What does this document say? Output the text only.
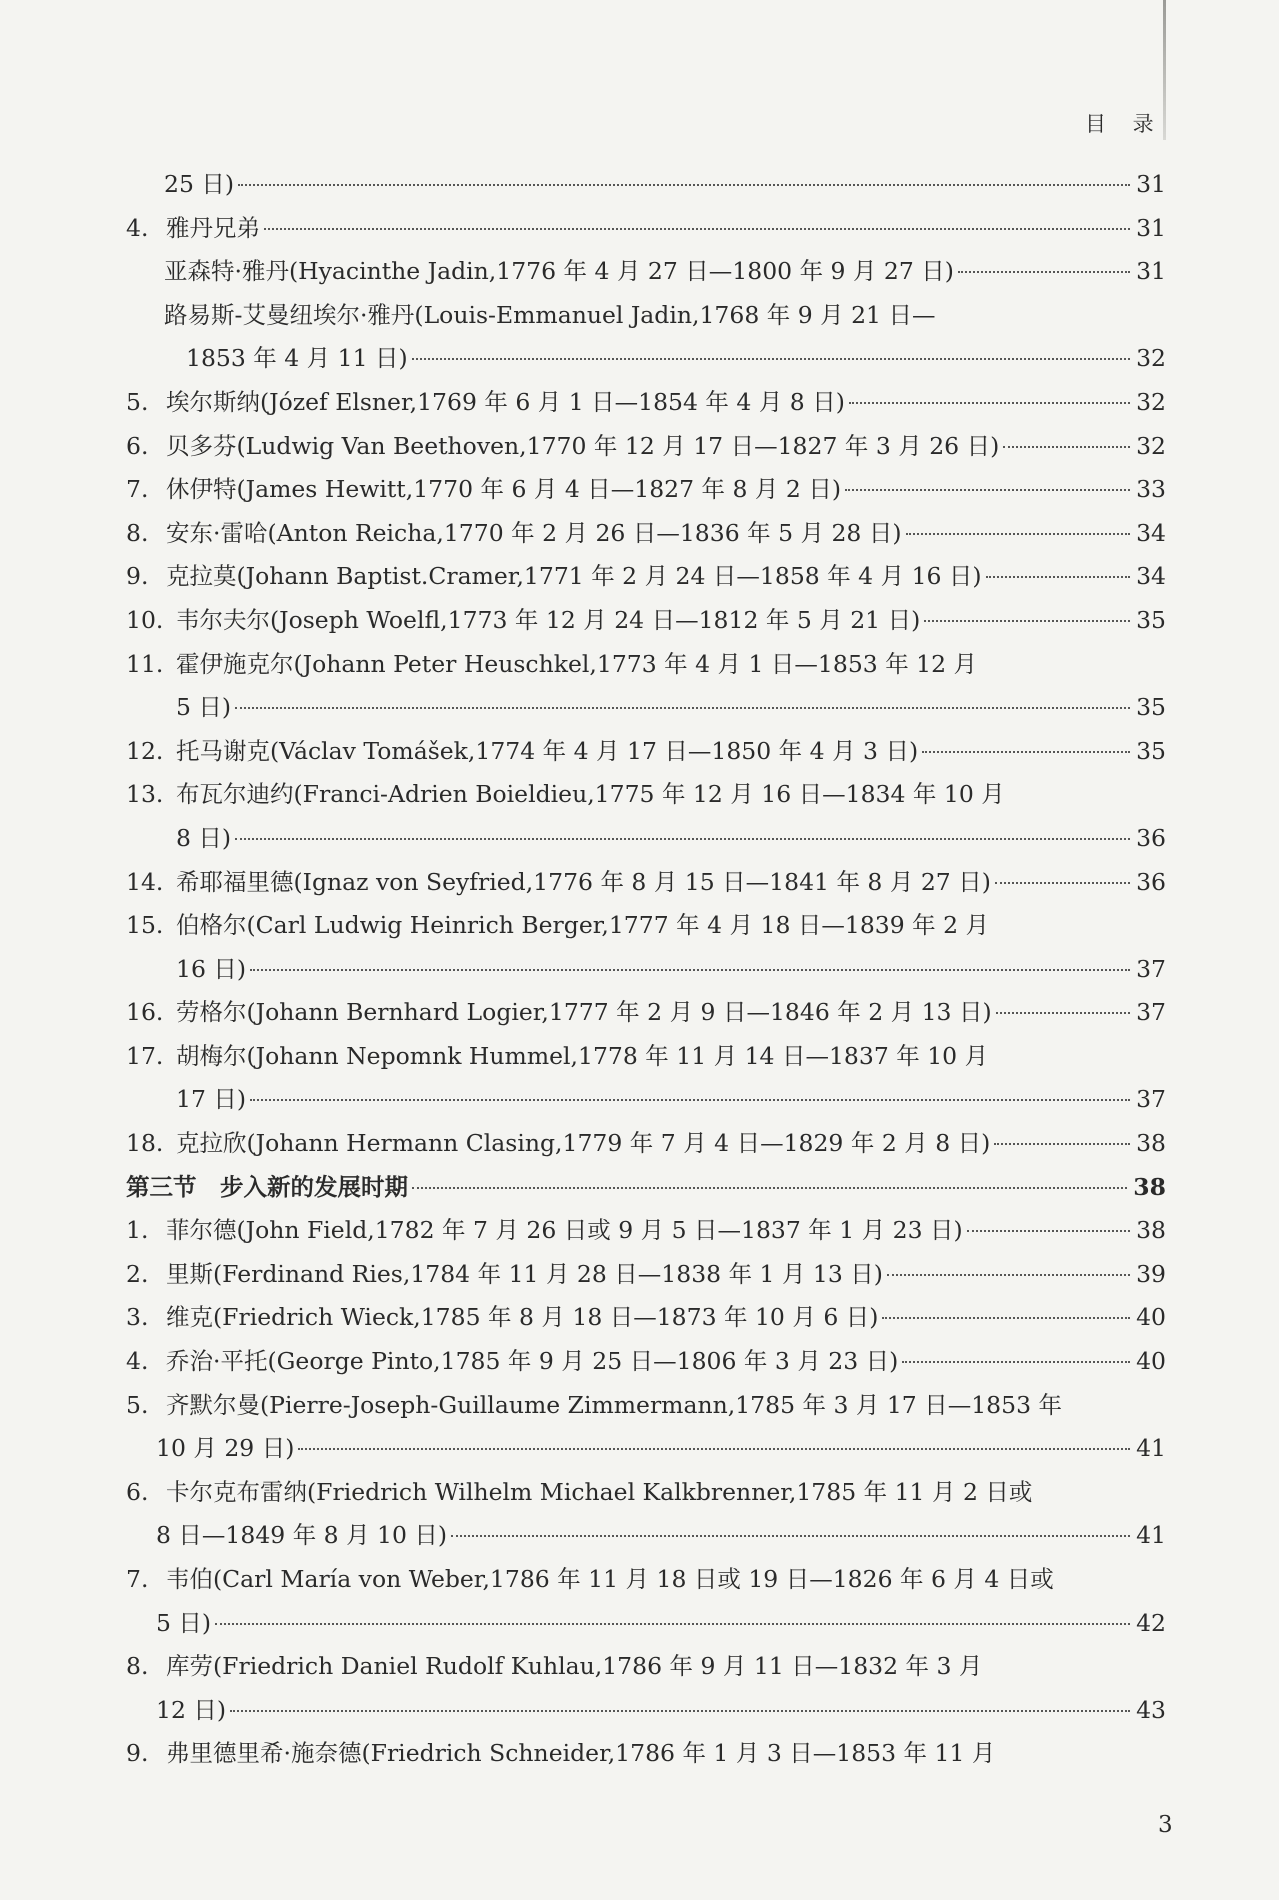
目 录
25 日)	31
4. 雅丹兄弟	31
亚森特·雅丹(Hyacinthe Jadin,1776 年 4 月 27 日—1800 年 9 月 27 日)	31
路易斯-艾曼纽埃尔·雅丹(Louis-Emmanuel Jadin,1768 年 9 月 21 日—
1853 年 4 月 11 日)	32
5. 埃尔斯纳(Józef Elsner,1769 年 6 月 1 日—1854 年 4 月 8 日)	32
6. 贝多芬(Ludwig Van Beethoven,1770 年 12 月 17 日—1827 年 3 月 26 日)	32
7. 休伊特(James Hewitt,1770 年 6 月 4 日—1827 年 8 月 2 日)	33
8. 安东·雷哈(Anton Reicha,1770 年 2 月 26 日—1836 年 5 月 28 日)	34
9. 克拉莫(Johann Baptist.Cramer,1771 年 2 月 24 日—1858 年 4 月 16 日)	34
10. 韦尔夫尔(Joseph Woelfl,1773 年 12 月 24 日—1812 年 5 月 21 日)	35
11. 霍伊施克尔(Johann Peter Heuschkel,1773 年 4 月 1 日—1853 年 12 月
5 日)	35
12. 托马谢克(Václav Tomášek,1774 年 4 月 17 日—1850 年 4 月 3 日)	35
13. 布瓦尔迪约(Franci-Adrien Boieldieu,1775 年 12 月 16 日—1834 年 10 月
8 日)	36
14. 希耶福里德(Ignaz von Seyfried,1776 年 8 月 15 日—1841 年 8 月 27 日)	36
15. 伯格尔(Carl Ludwig Heinrich Berger,1777 年 4 月 18 日—1839 年 2 月
16 日)	37
16. 劳格尔(Johann Bernhard Logier,1777 年 2 月 9 日—1846 年 2 月 13 日)	37
17. 胡梅尔(Johann Nepomnk Hummel,1778 年 11 月 14 日—1837 年 10 月
17 日)	37
18. 克拉欣(Johann Hermann Clasing,1779 年 7 月 4 日—1829 年 2 月 8 日)	38
第三节　步入新的发展时期	38
1. 菲尔德(John Field,1782 年 7 月 26 日或 9 月 5 日—1837 年 1 月 23 日)	38
2. 里斯(Ferdinand Ries,1784 年 11 月 28 日—1838 年 1 月 13 日)	39
3. 维克(Friedrich Wieck,1785 年 8 月 18 日—1873 年 10 月 6 日)	40
4. 乔治·平托(George Pinto,1785 年 9 月 25 日—1806 年 3 月 23 日)	40
5. 齐默尔曼(Pierre-Joseph-Guillaume Zimmermann,1785 年 3 月 17 日—1853 年
10 月 29 日)	41
6. 卡尔克布雷纳(Friedrich Wilhelm Michael Kalkbrenner,1785 年 11 月 2 日或
8 日—1849 年 8 月 10 日)	41
7. 韦伯(Carl María von Weber,1786 年 11 月 18 日或 19 日—1826 年 6 月 4 日或
5 日)	42
8. 库劳(Friedrich Daniel Rudolf Kuhlau,1786 年 9 月 11 日—1832 年 3 月
12 日)	43
9. 弗里德里希·施奈德(Friedrich Schneider,1786 年 1 月 3 日—1853 年 11 月
3
